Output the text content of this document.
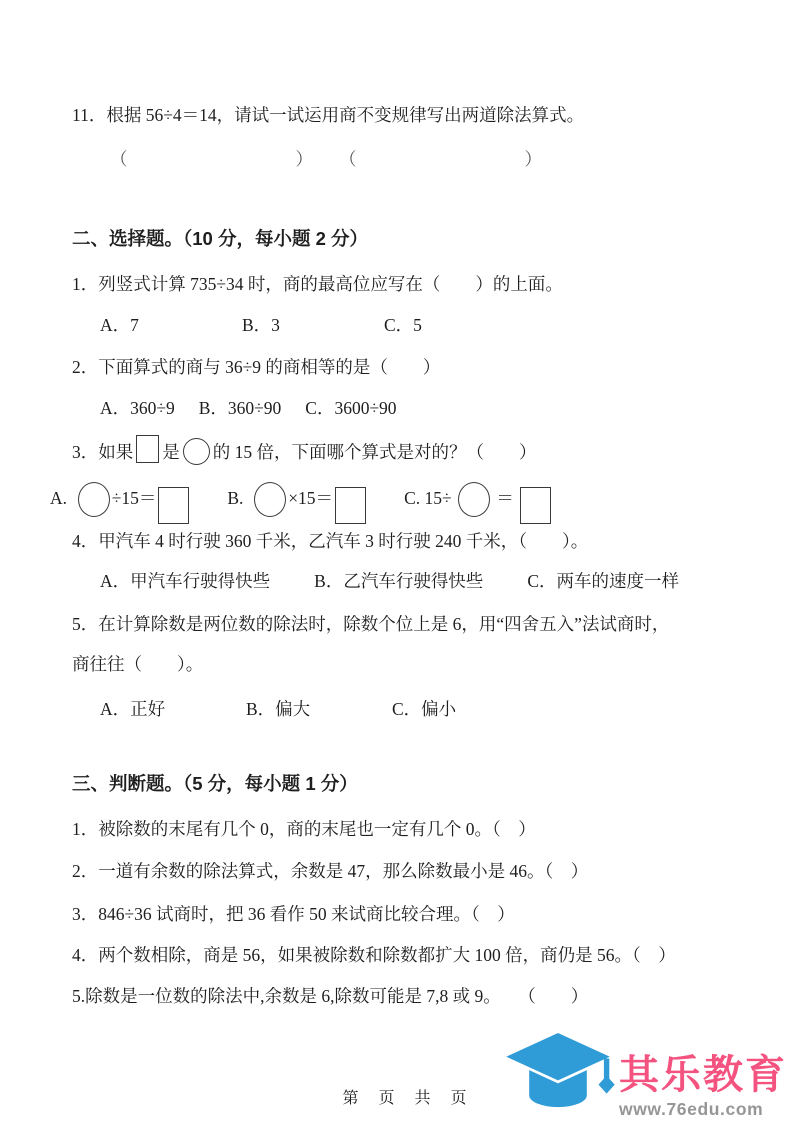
11．根据 56÷4＝14，请试一试运用商不变规律写出两道除法算式。
（	） （	）
二、选择题。（10 分，每小题 2 分）
1．列竖式计算 735÷34 时，商的最高位应写在（　　）的上面。
A．7	B．3	C．5
2．下面算式的商与 36÷9 的商相等的是（　　）
A．360÷9 B．360÷90 C．3600÷90
3．如果 是 的 15 倍，下面哪个算式是对的？（　　）
A.	÷15＝	B.	×15＝	C. 15÷	＝
4．甲汽车 4 时行驶 360 千米，乙汽车 3 时行驶 240 千米，（　　）。
A．甲汽车行驶得快些	B．乙汽车行驶得快些	C．两车的速度一样
5．在计算除数是两位数的除法时，除数个位上是 6，用“四舍五入”法试商时，
商往往（　　）。
A．正好	B．偏大	C．偏小
三、判断题。（5 分，每小题 1 分）
1．被除数的末尾有几个 0，商的末尾也一定有几个 0。（　）
2．一道有余数的除法算式，余数是 47，那么除数最小是 46。（　）
3．846÷36 试商时，把 36 看作 50 来试商比较合理。（　）
4．两个数相除，商是 56，如果被除数和除数都扩大 100 倍，商仍是 56。（　）
5.除数是一位数的除法中,余数是 6,除数可能是 7,8 或 9。　　（　　）
第　页　共　页
其乐教育
www.76edu.com
